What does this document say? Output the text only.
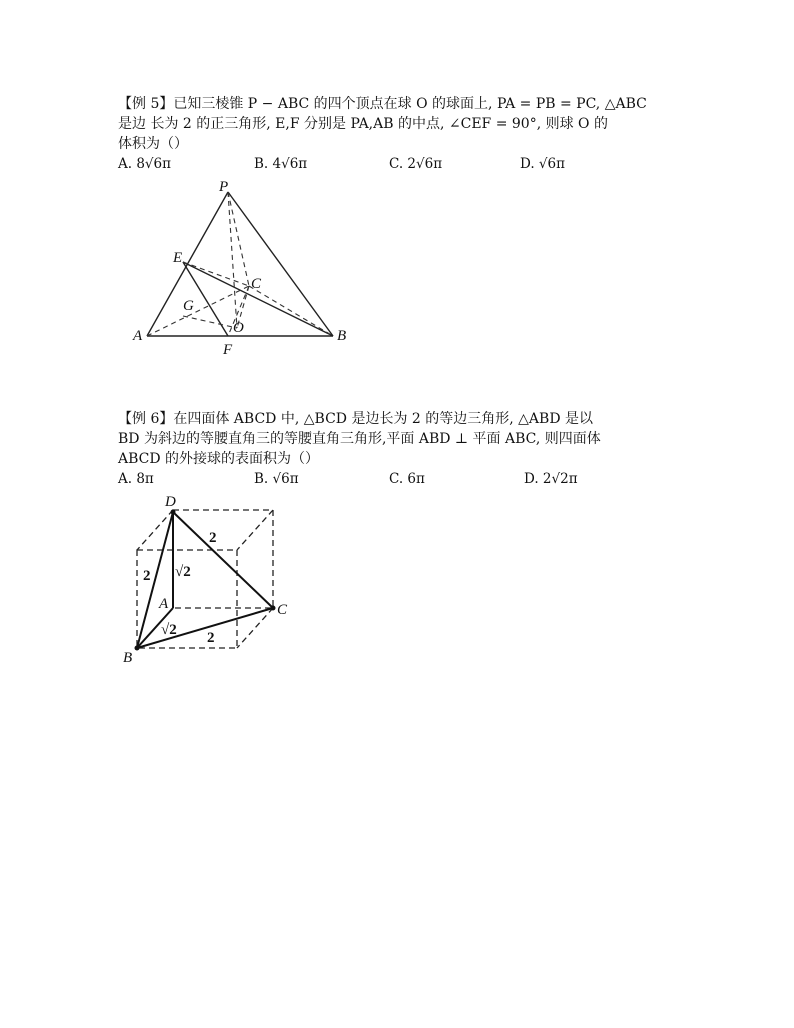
【例 5】已知三棱锥 P − ABC 的四个顶点在球 O 的球面上, PA = PB = PC, △ABC
是边 长为 2 的正三角形, E,F 分别是 PA,AB 的中点, ∠CEF = 90°, 则球 O 的
体积为（）
A. 8√6π	B. 4√6π	C. 2√6π	D. √6π
P
E
C
G
O
A
F
B
【例 6】在四面体 ABCD 中, △BCD 是边长为 2 的等边三角形, △ABD 是以
BD 为斜边的等腰直角三的等腰直角三角形,平面 ABD ⊥ 平面 ABC, 则四面体
ABCD 的外接球的表面积为（）
A. 8π	B. √6π	C. 6π	D. 2√2π
D
2
2 √2
A	C
√2 2
B
